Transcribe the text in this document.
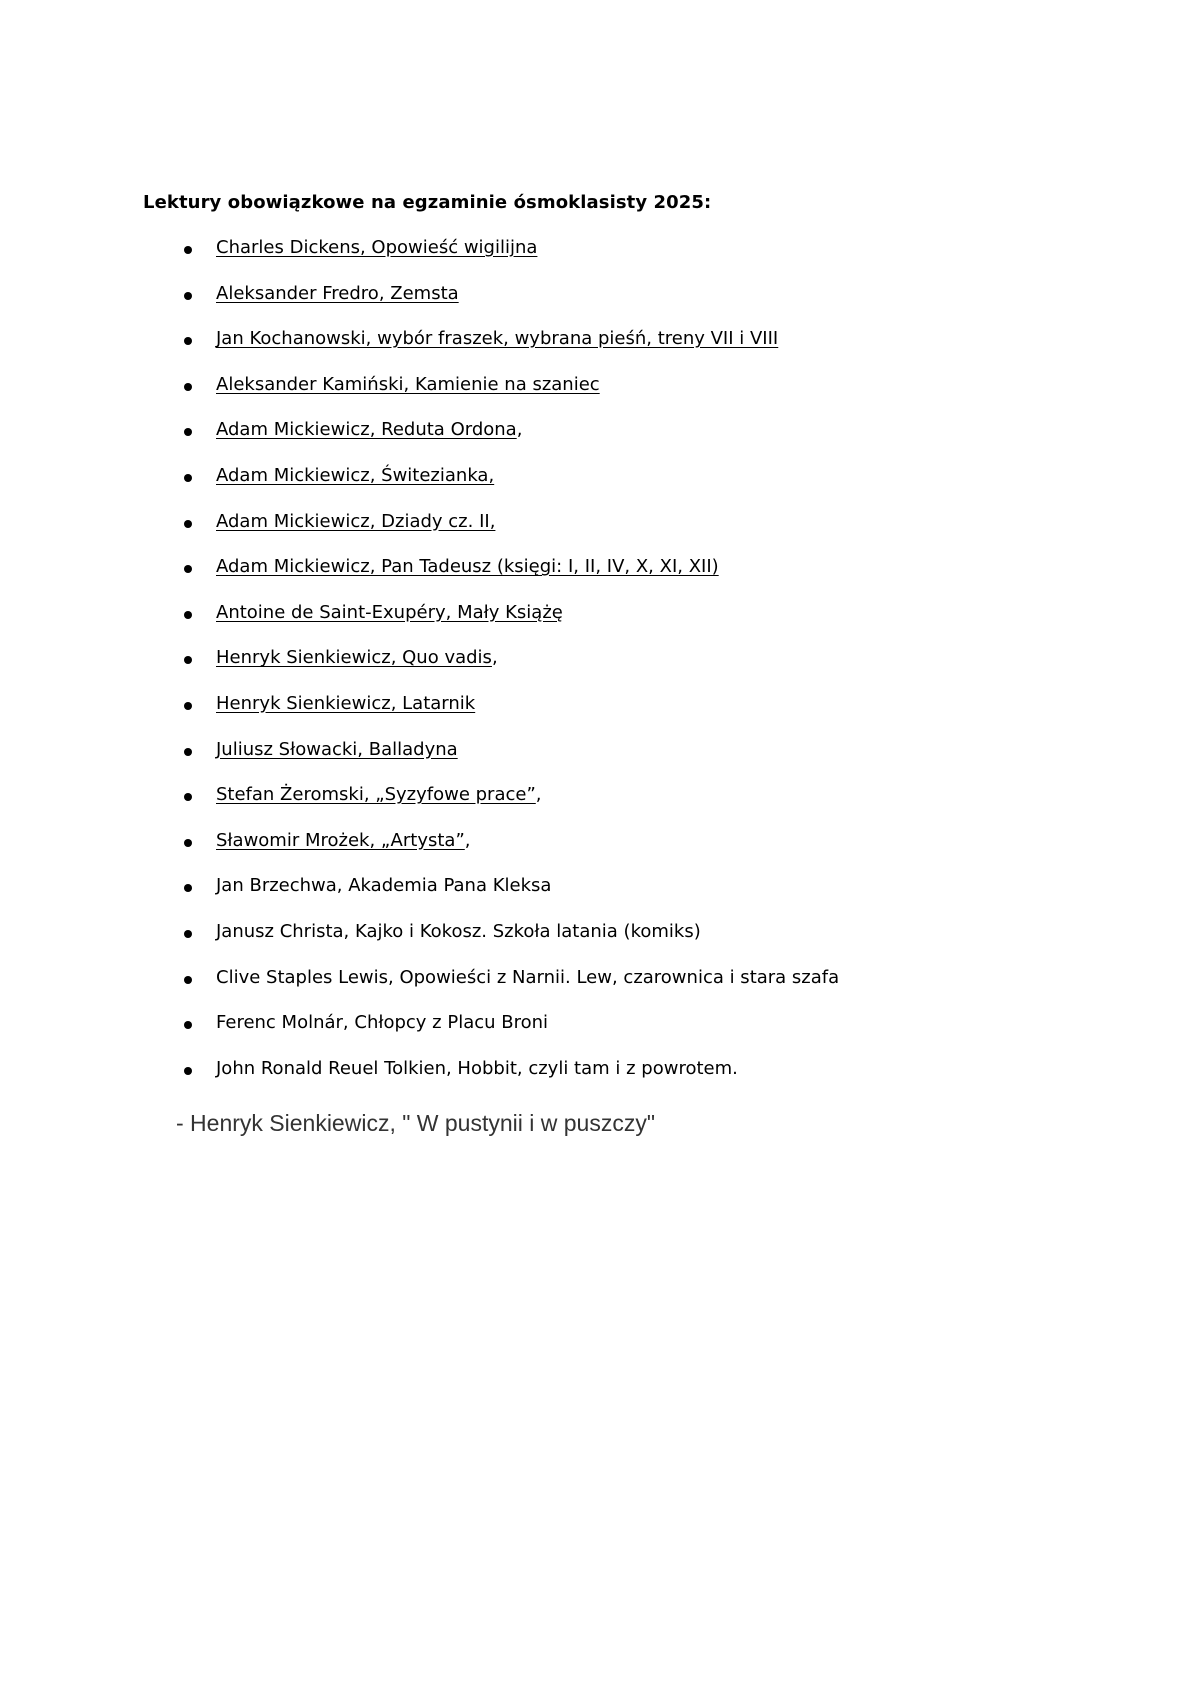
Lektury obowiązkowe na egzaminie ósmoklasisty 2025:
Charles Dickens, Opowieść wigilijna
Aleksander Fredro, Zemsta
Jan Kochanowski, wybór fraszek, wybrana pieśń, treny VII i VIII
Aleksander Kamiński, Kamienie na szaniec
Adam Mickiewicz, Reduta Ordona ,
Adam Mickiewicz, Świtezianka,
Adam Mickiewicz, Dziady cz. II,
Adam Mickiewicz, Pan Tadeusz (księgi: I, II, IV, X, XI, XII)
Antoine de Saint-Exupéry, Mały Książę
Henryk Sienkiewicz, Quo vadis ,
Henryk Sienkiewicz, Latarnik
Juliusz Słowacki, Balladyna
Stefan Żeromski, „Syzyfowe prace” ,
Sławomir Mrożek, „Artysta” ,
Jan Brzechwa, Akademia Pana Kleksa
Janusz Christa, Kajko i Kokosz. Szkoła latania (komiks)
Clive Staples Lewis, Opowieści z Narnii. Lew, czarownica i stara szafa
Ferenc Molnár, Chłopcy z Placu Broni
John Ronald Reuel Tolkien, Hobbit, czyli tam i z powrotem.
- Henryk Sienkiewicz, " W pustynii i w puszczy"
